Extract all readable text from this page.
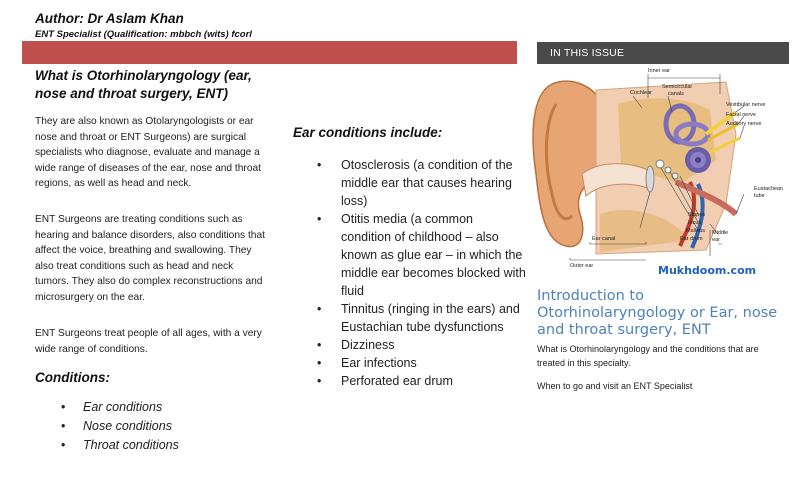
Author: Dr Aslam Khan
ENT Specialist (Qualification: mbbch (wits) fcorl
IN THIS ISSUE
What is Otorhinolaryngology (ear, nose and throat surgery, ENT)
They are also known as Otolaryngologists or ear nose and throat or ENT Surgeons) are surgical specialists who diagnose, evaluate and manage a wide range of diseases of the ear, nose and throat regions, as well as head and neck.
ENT Surgeons are treating conditions such as hearing and balance disorders, also conditions that affect the voice, breathing and swallowing. They also treat conditions such as head and neck tumors. They also do complex reconstructions and microsurgery on the ear.
ENT Surgeons treat people of all ages, with a very wide range of conditions.
Conditions:
• Ear conditions
• Nose conditions
• Throat conditions
Ear conditions include:
• Otosclerosis (a condition of the middle ear that causes hearing loss)
• Otitis media (a common condition of childhood – also known as glue ear – in which the middle ear becomes blocked with fluid
• Tinnitus (ringing in the ears) and Eustachian tube dysfunctions
• Dizziness
• Ear infections
• Perforated ear drum
Inner ear
Cochlear
Semicircular
canals
Vestibular nerve
Facial nerve
Auditory nerve
Eustachean
tube
Stapes
Incus
Malleus Middle
ear
Ear drum
Ear canal
Outer ear	Mukhdoom.com
Introduction to Otorhinolaryngology or Ear, nose and throat surgery, ENT
What is Otorhinolaryngology and the conditions that are treated in this specialty.
When to go and visit an ENT Specialist
